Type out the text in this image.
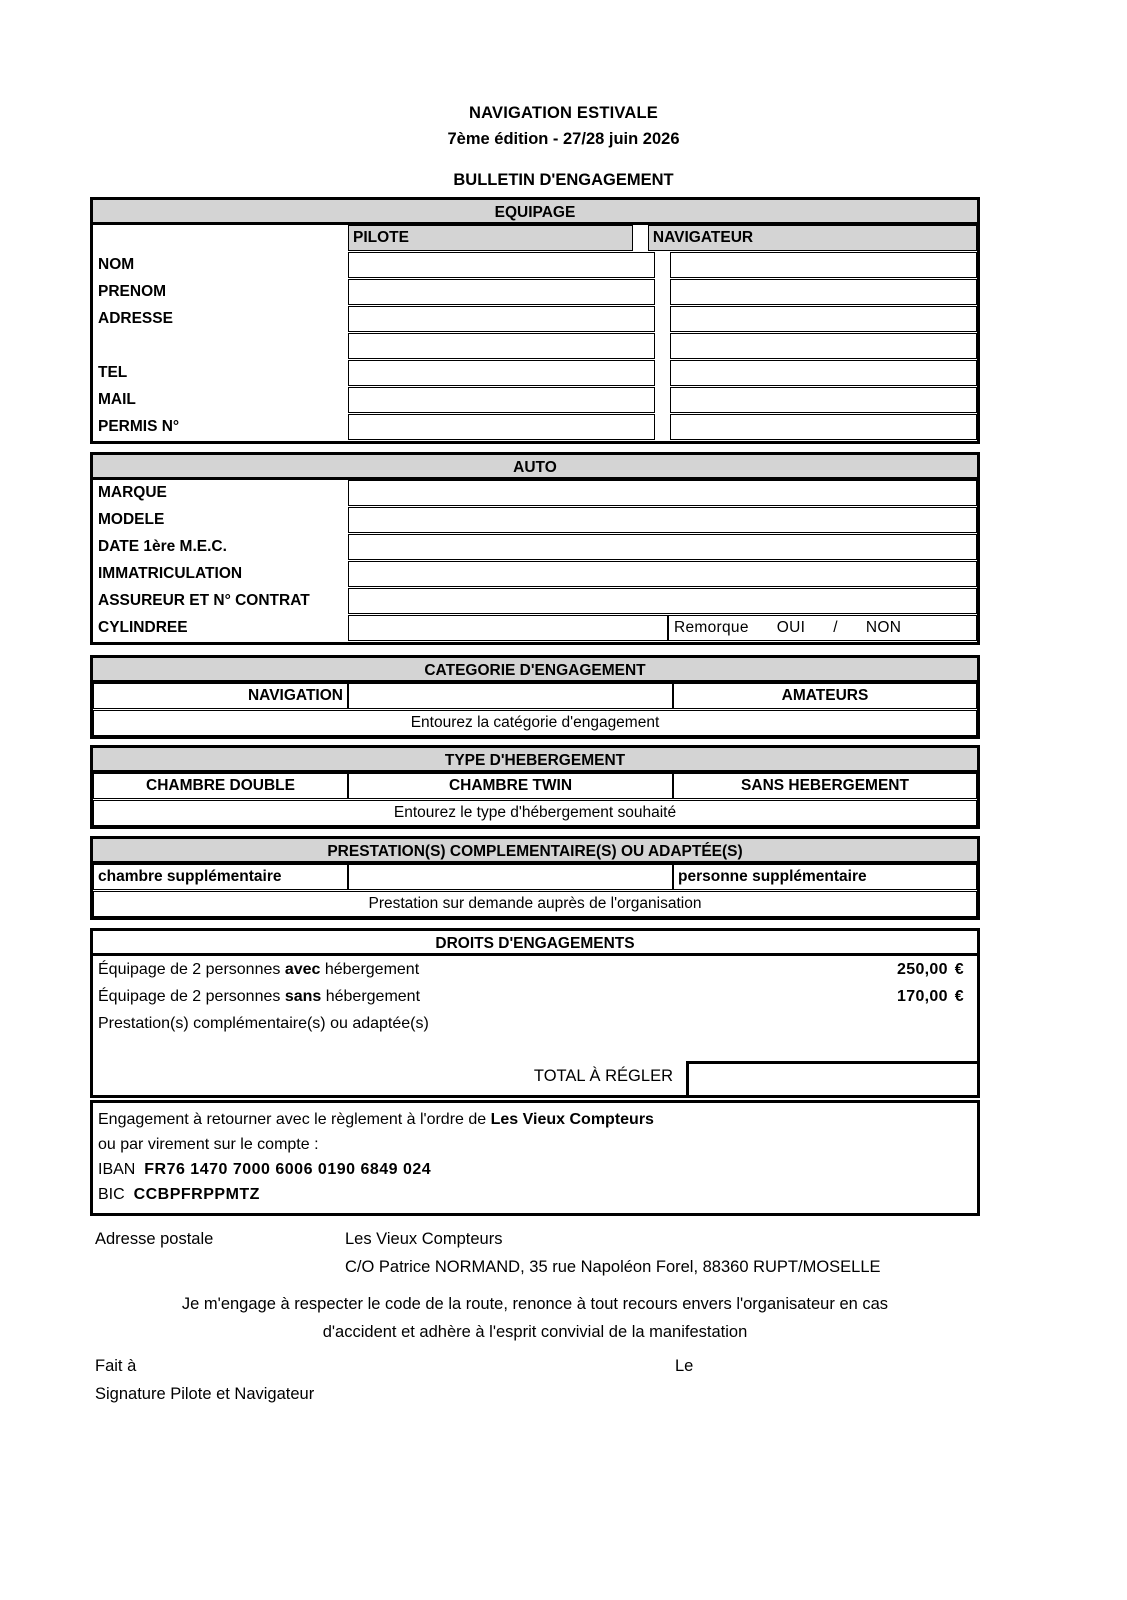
NAVIGATION ESTIVALE
7ème édition - 27/28 juin 2026
BULLETIN D'ENGAGEMENT
EQUIPAGE
PILOTE	NAVIGATEUR
NOM
PRENOM
ADRESSE
TEL
MAIL
PERMIS N°
AUTO
MARQUE
MODELE
DATE 1ère M.E.C.
IMMATRICULATION
ASSUREUR ET N° CONTRAT
CYLINDREE	Remorque OUI / NON
CATEGORIE D'ENGAGEMENT
NAVIGATION	AMATEURS
Entourez la catégorie d'engagement
TYPE D'HEBERGEMENT
CHAMBRE DOUBLE	CHAMBRE TWIN	SANS HEBERGEMENT
Entourez le type d'hébergement souhaité
PRESTATION(S) COMPLEMENTAIRE(S) OU ADAPTÉE(S)
chambre supplémentaire	personne supplémentaire
Prestation sur demande auprès de l'organisation
DROITS D'ENGAGEMENTS
Équipage de 2 personnes avec hébergement	250,00 €
Équipage de 2 personnes sans hébergement	170,00 €
Prestation(s) complémentaire(s) ou adaptée(s)
TOTAL À RÉGLER
Engagement à retourner avec le règlement à l'ordre de Les Vieux Compteurs
ou par virement sur le compte :
IBAN FR76 1470 7000 6006 0190 6849 024
BIC CCBPFRPPMTZ
Adresse postale	Les Vieux Compteurs
C/O Patrice NORMAND, 35 rue Napoléon Forel, 88360 RUPT/MOSELLE
Je m'engage à respecter le code de la route, renonce à tout recours envers l'organisateur en cas
d'accident et adhère à l'esprit convivial de la manifestation
Fait à	Le
Signature Pilote et Navigateur
